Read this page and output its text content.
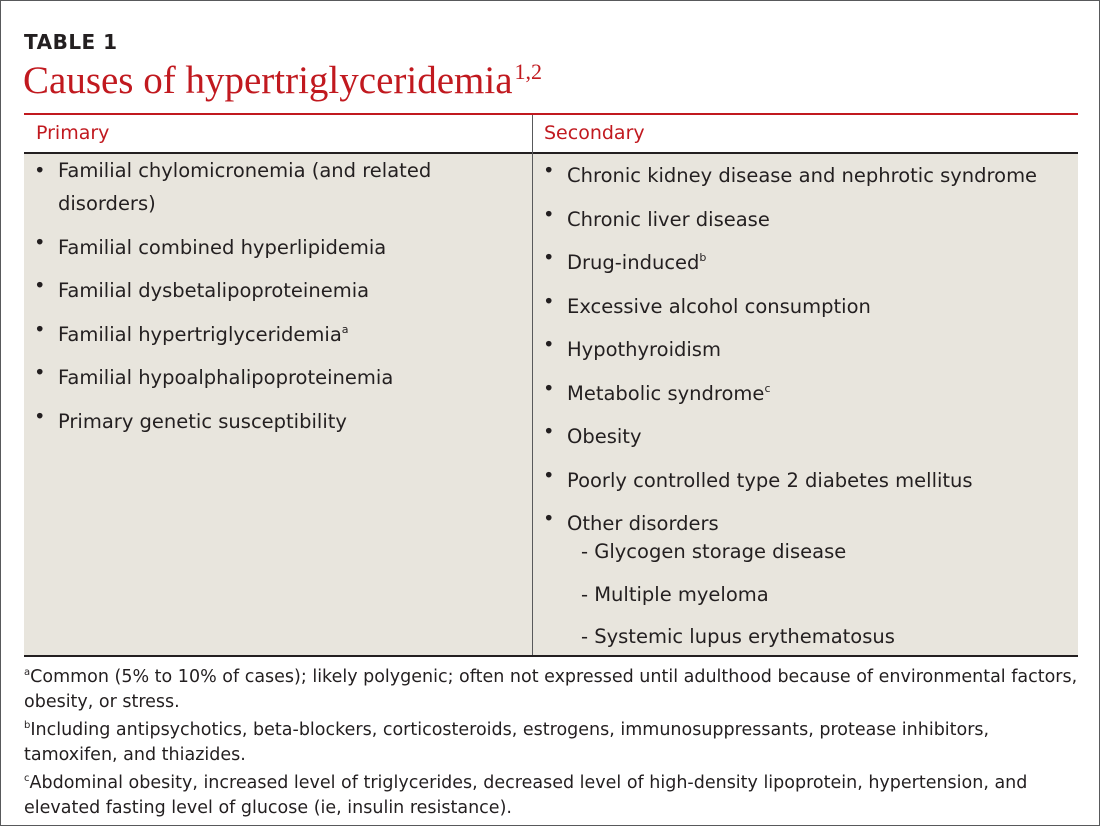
TABLE 1
Causes of hypertriglyceridemia$^{1,2}$
Primary	Secondary
• Familial chylomicronemia (and related disorders)
• Familial combined hyperlipidemia
• Familial dysbetalipoproteinemia
• Familial hypertriglyceridemia$^a$
• Familial hypoalphalipoproteinemia
• Primary genetic susceptibility
• Chronic kidney disease and nephrotic syndrome
• Chronic liver disease
• Drug-induced$^b$
• Excessive alcohol consumption
• Hypothyroidism
• Metabolic syndrome$^c$
• Obesity
• Poorly controlled type 2 diabetes mellitus
• Other disorders
- Glycogen storage disease
- Multiple myeloma
- Systemic lupus erythematosus

$^a$Common (5% to 10% of cases); likely polygenic; often not expressed until adulthood because of environmental factors, obesity, or stress.

$^b$Including antipsychotics, beta-blockers, corticosteroids, estrogens, immunosuppressants, protease inhibitors, tamoxifen, and thiazides.

$^c$Abdominal obesity, increased level of triglycerides, decreased level of high-density lipoprotein, hypertension, and elevated fasting level of glucose (ie, insulin resistance).
